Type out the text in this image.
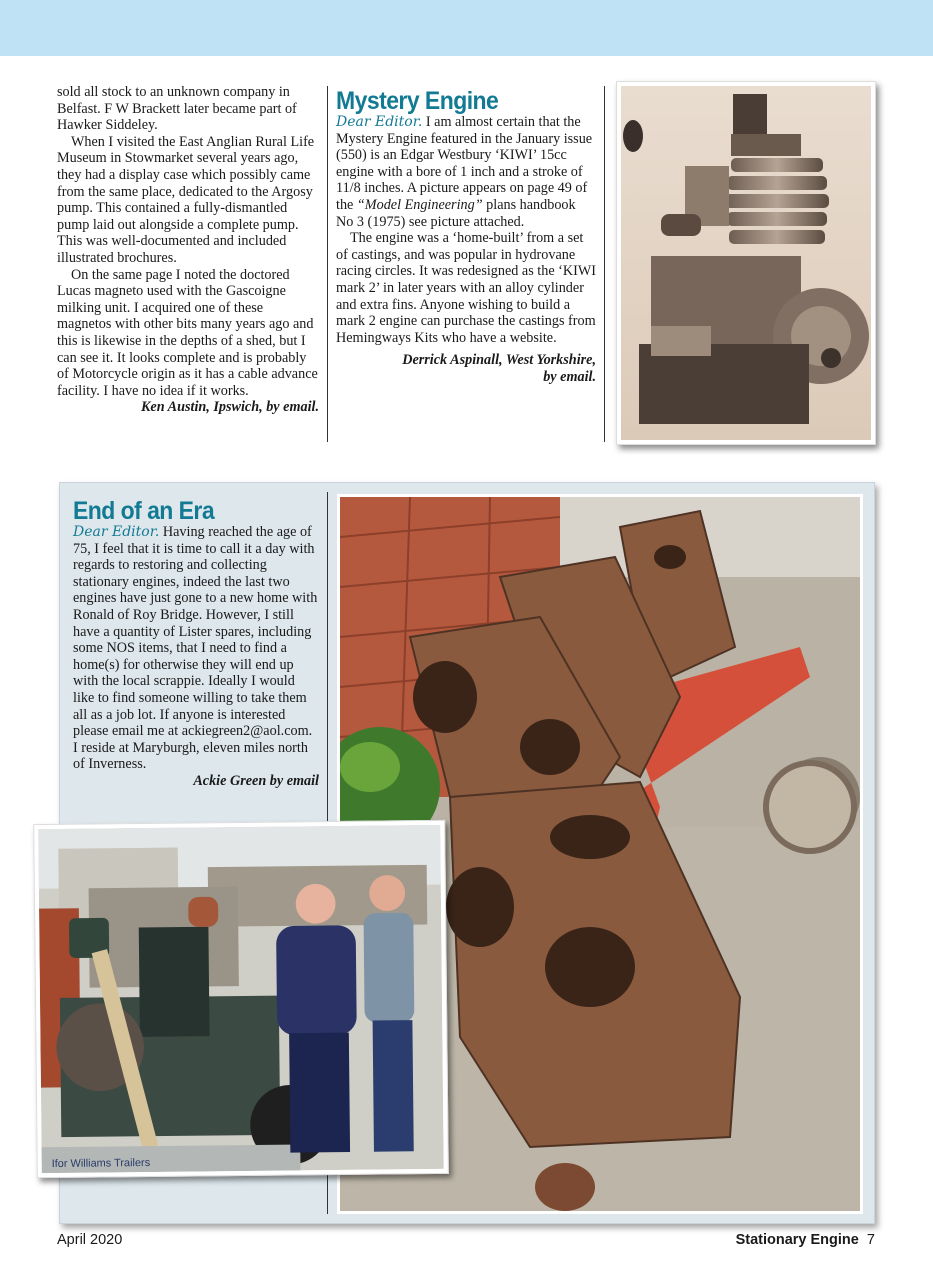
sold all stock to an unknown company in Belfast. F W Brackett later became part of Hawker Siddeley.

When I visited the East Anglian Rural Life Museum in Stowmarket several years ago, they had a display case which possibly came from the same place, dedicated to the Argosy pump. This contained a fully-dismantled pump laid out alongside a complete pump. This was well-documented and included illustrated brochures.

On the same page I noted the doctored Lucas magneto used with the Gascoigne milking unit. I acquired one of these magnetos with other bits many years ago and this is likewise in the depths of a shed, but I can see it. It looks complete and is probably of Motorcycle origin as it has a cable advance facility. I have no idea if it works.

Ken Austin, Ipswich, by email.

Mystery Engine

Dear Editor. I am almost certain that the Mystery Engine featured in the January issue (550) is an Edgar Westbury ‘KIWI’ 15cc engine with a bore of 1 inch and a stroke of 11/8 inches. A picture appears on page 49 of the “Model Engineering” plans handbook No 3 (1975) see picture attached.

The engine was a ‘home-built’ from a set of castings, and was popular in hydrovane racing circles. It was redesigned as the ‘KIWI mark 2’ in later years with an alloy cylinder and extra fins. Anyone wishing to build a mark 2 engine can purchase the castings from Hemingways Kits who have a website.

Derrick Aspinall, West Yorkshire,

by email.

End of an Era

Dear Editor. Having reached the age of 75, I feel that it is time to call it a day with regards to restoring and collecting stationary engines, indeed the last two engines have just gone to a new home with Ronald of Roy Bridge. However, I still have a quantity of Lister spares, including some NOS items, that I need to find a home(s) for otherwise they will end up with the local scrappie. Ideally I would like to find someone willing to take them all as a job lot. If anyone is interested please email me at ackiegreen2@aol.com. I reside at Maryburgh, eleven miles north of Inverness.

Ackie Green by email

Ifor Williams Trailers
April 2020	Stationary Engine 7
